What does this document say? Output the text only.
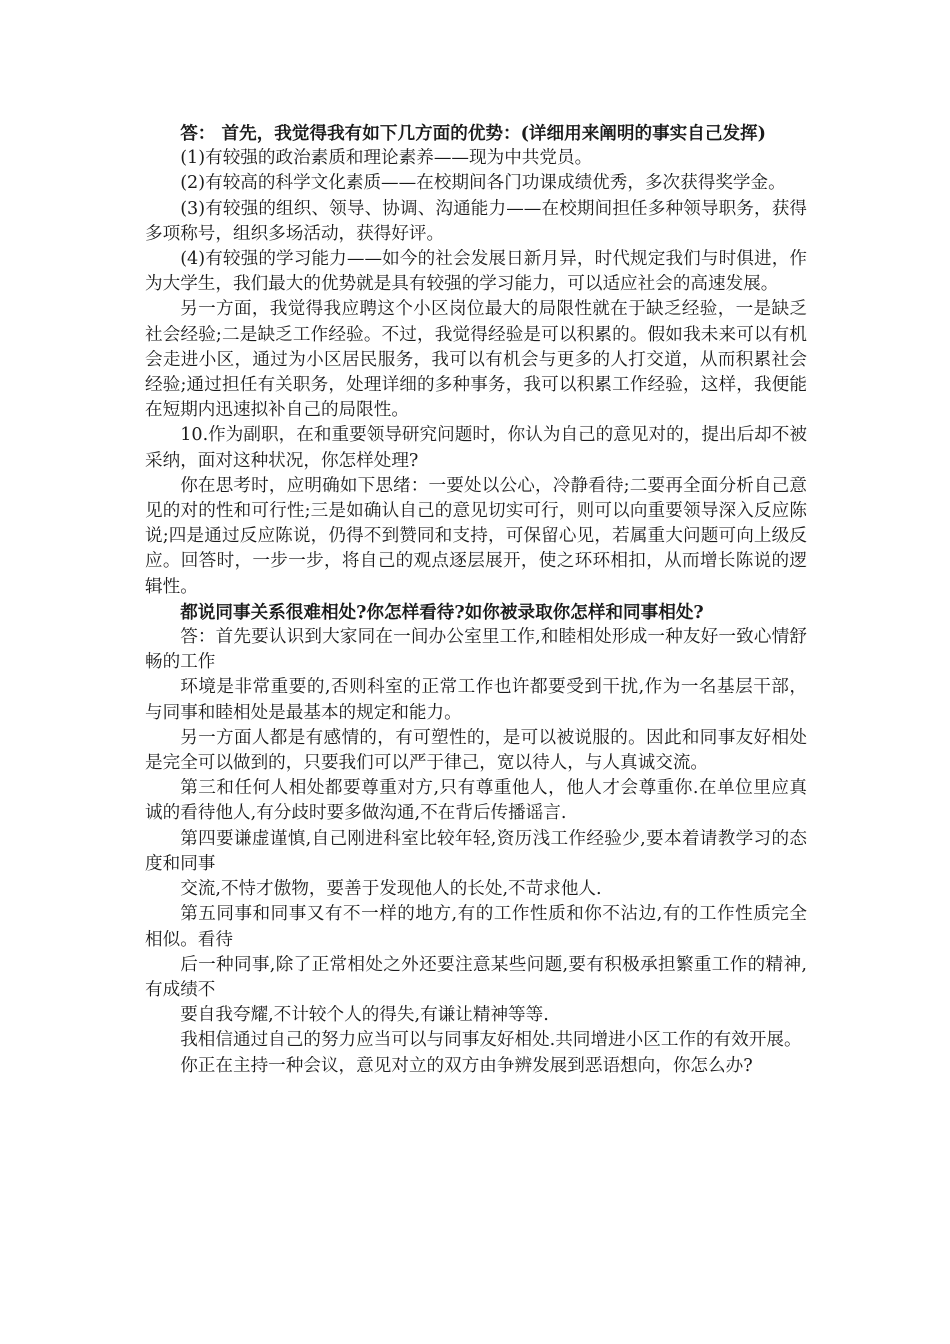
答： 首先，我觉得我有如下几方面的优势：(详细用来阐明的事实自己发挥)

(1)有较强的政治素质和理论素养——现为中共党员。

(2)有较高的科学文化素质——在校期间各门功课成绩优秀，多次获得奖学金。

(3)有较强的组织、领导、协调、沟通能力——在校期间担任多种领导职务，获得多项称号，组织多场活动，获得好评。

(4)有较强的学习能力——如今的社会发展日新月异，时代规定我们与时俱进，作为大学生，我们最大的优势就是具有较强的学习能力，可以适应社会的高速发展。

另一方面，我觉得我应聘这个小区岗位最大的局限性就在于缺乏经验，一是缺乏社会经验;二是缺乏工作经验。不过，我觉得经验是可以积累的。假如我未来可以有机会走进小区，通过为小区居民服务，我可以有机会与更多的人打交道，从而积累社会经验;通过担任有关职务，处理详细的多种事务，我可以积累工作经验，这样，我便能在短期内迅速拟补自己的局限性。

10.作为副职，在和重要领导研究问题时，你认为自己的意见对的，提出后却不被采纳，面对这种状况，你怎样处理?

你在思考时，应明确如下思绪：一要处以公心，冷静看待;二要再全面分析自己意见的对的性和可行性;三是如确认自己的意见切实可行，则可以向重要领导深入反应陈说;四是通过反应陈说，仍得不到赞同和支持，可保留心见，若属重大问题可向上级反应。回答时，一步一步，将自己的观点逐层展开，使之环环相扣，从而增长陈说的逻辑性。

都说同事关系很难相处?你怎样看待?如你被录取你怎样和同事相处?

答：首先要认识到大家同在一间办公室里工作,和睦相处形成一种友好一致心情舒畅的工作

环境是非常重要的,否则科室的正常工作也许都要受到干扰,作为一名基层干部，与同事和睦相处是最基本的规定和能力。

另一方面人都是有感情的，有可塑性的，是可以被说服的。因此和同事友好相处是完全可以做到的，只要我们可以严于律己，宽以待人，与人真诚交流。

第三和任何人相处都要尊重对方,只有尊重他人，他人才会尊重你.在单位里应真诚的看待他人,有分歧时要多做沟通,不在背后传播谣言.

第四要谦虚谨慎,自己刚进科室比较年轻,资历浅工作经验少,要本着请教学习的态度和同事

交流,不恃才傲物，要善于发现他人的长处,不苛求他人.

第五同事和同事又有不一样的地方,有的工作性质和你不沾边,有的工作性质完全相似。看待

后一种同事,除了正常相处之外还要注意某些问题,要有积极承担繁重工作的精神,有成绩不

要自我夸耀,不计较个人的得失,有谦让精神等等.

我相信通过自己的努力应当可以与同事友好相处.共同增进小区工作的有效开展。

你正在主持一种会议，意见对立的双方由争辨发展到恶语想向，你怎么办?
